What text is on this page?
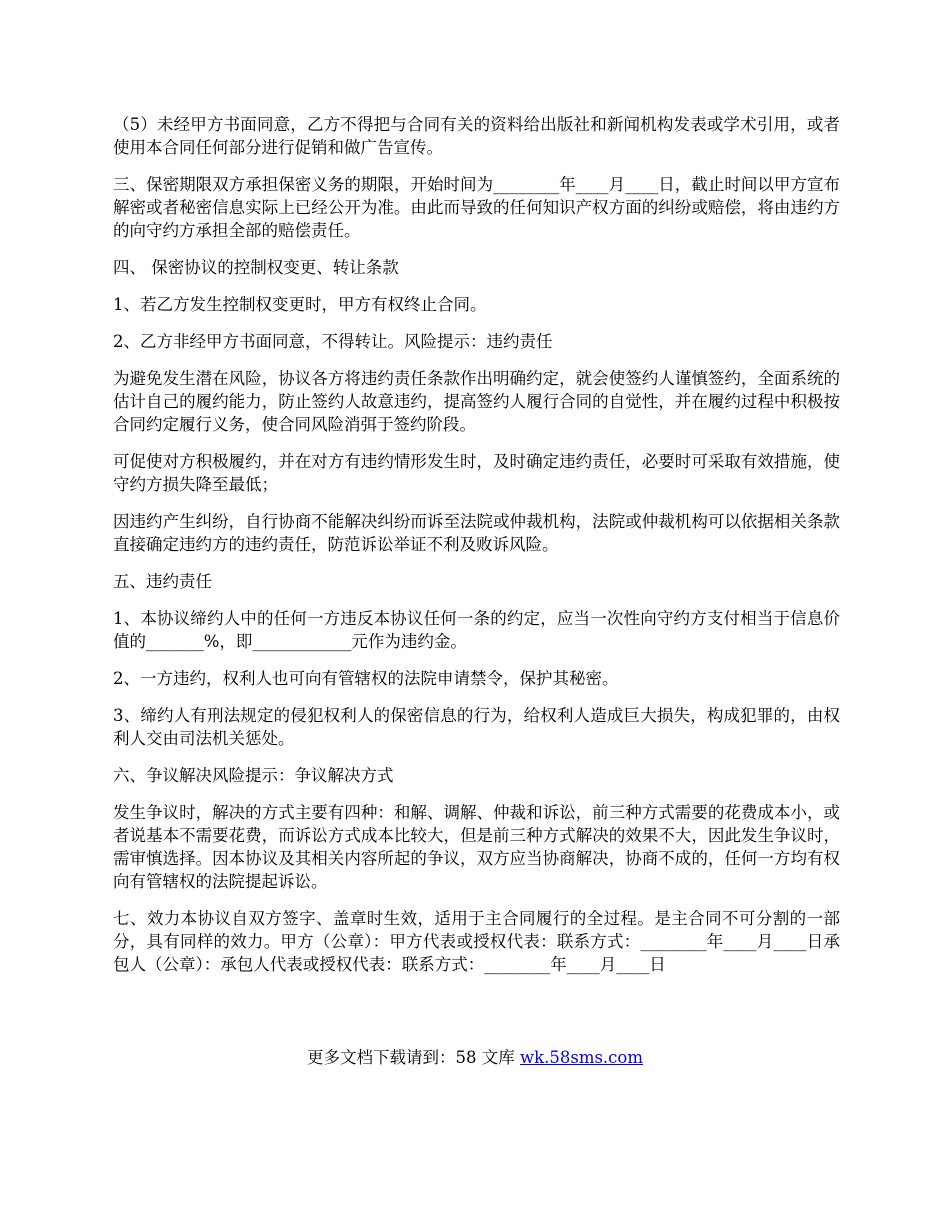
（5）未经甲方书面同意，乙方不得把与合同有关的资料给出版社和新闻机构发表或学术引用，或者使用本合同任何部分进行促销和做广告宣传。

三、保密期限双方承担保密义务的期限，开始时间为________年____月____日，截止时间以甲方宣布解密或者秘密信息实际上已经公开为准。由此而导致的任何知识产权方面的纠纷或赔偿，将由违约方的向守约方承担全部的赔偿责任。

四、 保密协议的控制权变更、转让条款

1、若乙方发生控制权变更时，甲方有权终止合同。

2、乙方非经甲方书面同意，不得转让。风险提示：违约责任

为避免发生潜在风险，协议各方将违约责任条款作出明确约定，就会使签约人谨慎签约，全面系统的估计自己的履约能力，防止签约人故意违约，提高签约人履行合同的自觉性，并在履约过程中积极按合同约定履行义务，使合同风险消弭于签约阶段。

可促使对方积极履约，并在对方有违约情形发生时，及时确定违约责任，必要时可采取有效措施，使守约方损失降至最低；

因违约产生纠纷，自行协商不能解决纠纷而诉至法院或仲裁机构，法院或仲裁机构可以依据相关条款直接确定违约方的违约责任，防范诉讼举证不利及败诉风险。

五、违约责任

1、本协议缔约人中的任何一方违反本协议任何一条的约定，应当一次性向守约方支付相当于信息价值的_______%，即____________元作为违约金。

2、一方违约，权利人也可向有管辖权的法院申请禁令，保护其秘密。

3、缔约人有刑法规定的侵犯权利人的保密信息的行为，给权利人造成巨大损失，构成犯罪的，由权利人交由司法机关惩处。

六、争议解决风险提示：争议解决方式

发生争议时，解决的方式主要有四种：和解、调解、仲裁和诉讼，前三种方式需要的花费成本小，或者说基本不需要花费，而诉讼方式成本比较大，但是前三种方式解决的效果不大，因此发生争议时，需审慎选择。因本协议及其相关内容所起的争议，双方应当协商解决，协商不成的，任何一方均有权向有管辖权的法院提起诉讼。

七、效力本协议自双方签字、盖章时生效，适用于主合同履行的全过程。是主合同不可分割的一部分，具有同样的效力。甲方（公章）：甲方代表或授权代表：联系方式：________年____月____日承包人（公章）：承包人代表或授权代表：联系方式：________年____月____日

更多文档下载请到：58 文库 wk.58sms.com
